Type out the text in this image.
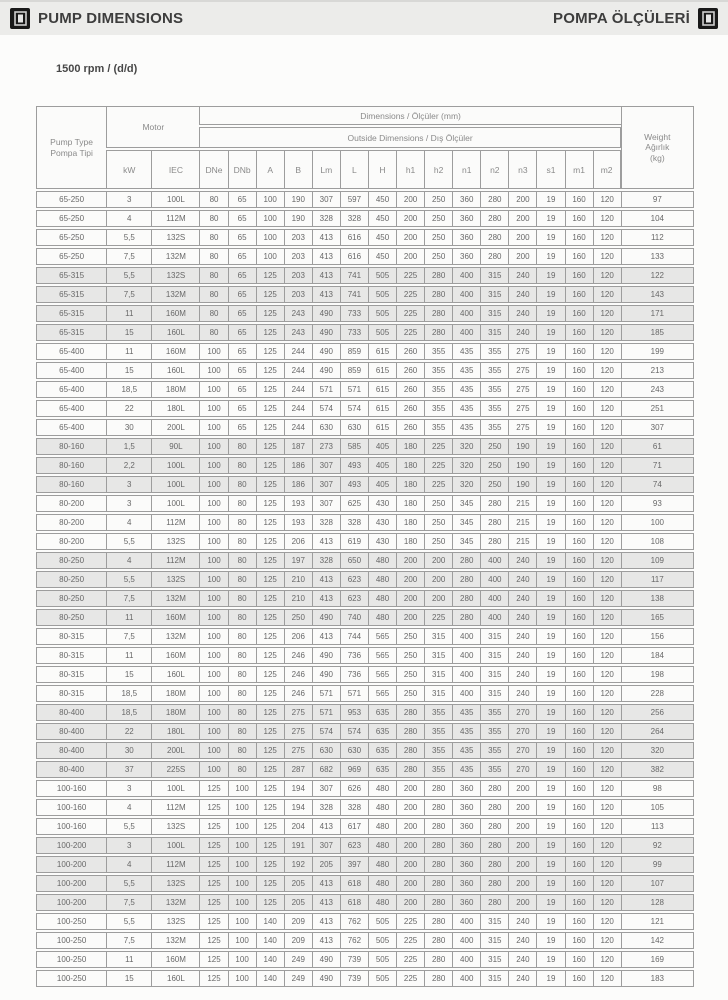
PUMP DIMENSIONS	POMPA ÖLÇÜLERİ
1500 rpm / (d/d)
Pump Type
Pompa Tipi	Motor		Dimensions / Ölçüler (mm)															Weight
Ağırlık
(kg)

			Outside Dimensions / Dış Ölçüler															
	kW	IEC	DNe	DNb	A	B	Lm	L	H	h1	h2	n1	n2	n3	s1	m1	m2	
65-250	3	100L	80	65	100	190	307	597	450	200	250	360	280	200	19	160	120	97
65-250	4	112M	80	65	100	190	328	328	450	200	250	360	280	200	19	160	120	104
65-250	5,5	132S	80	65	100	203	413	616	450	200	250	360	280	200	19	160	120	112
65-250	7,5	132M	80	65	100	203	413	616	450	200	250	360	280	200	19	160	120	133
65-315	5,5	132S	80	65	125	203	413	741	505	225	280	400	315	240	19	160	120	122
65-315	7,5	132M	80	65	125	203	413	741	505	225	280	400	315	240	19	160	120	143
65-315	11	160M	80	65	125	243	490	733	505	225	280	400	315	240	19	160	120	171
65-315	15	160L	80	65	125	243	490	733	505	225	280	400	315	240	19	160	120	185
65-400	11	160M	100	65	125	244	490	859	615	260	355	435	355	275	19	160	120	199
65-400	15	160L	100	65	125	244	490	859	615	260	355	435	355	275	19	160	120	213
65-400	18,5	180M	100	65	125	244	571	571	615	260	355	435	355	275	19	160	120	243
65-400	22	180L	100	65	125	244	574	574	615	260	355	435	355	275	19	160	120	251
65-400	30	200L	100	65	125	244	630	630	615	260	355	435	355	275	19	160	120	307
80-160	1,5	90L	100	80	125	187	273	585	405	180	225	320	250	190	19	160	120	61
80-160	2,2	100L	100	80	125	186	307	493	405	180	225	320	250	190	19	160	120	71
80-160	3	100L	100	80	125	186	307	493	405	180	225	320	250	190	19	160	120	74
80-200	3	100L	100	80	125	193	307	625	430	180	250	345	280	215	19	160	120	93
80-200	4	112M	100	80	125	193	328	328	430	180	250	345	280	215	19	160	120	100
80-200	5,5	132S	100	80	125	206	413	619	430	180	250	345	280	215	19	160	120	108
80-250	4	112M	100	80	125	197	328	650	480	200	200	280	400	240	19	160	120	109
80-250	5,5	132S	100	80	125	210	413	623	480	200	200	280	400	240	19	160	120	117
80-250	7,5	132M	100	80	125	210	413	623	480	200	200	280	400	240	19	160	120	138
80-250	11	160M	100	80	125	250	490	740	480	200	225	280	400	240	19	160	120	165
80-315	7,5	132M	100	80	125	206	413	744	565	250	315	400	315	240	19	160	120	156
80-315	11	160M	100	80	125	246	490	736	565	250	315	400	315	240	19	160	120	184
80-315	15	160L	100	80	125	246	490	736	565	250	315	400	315	240	19	160	120	198
80-315	18,5	180M	100	80	125	246	571	571	565	250	315	400	315	240	19	160	120	228
80-400	18,5	180M	100	80	125	275	571	953	635	280	355	435	355	270	19	160	120	256
80-400	22	180L	100	80	125	275	574	574	635	280	355	435	355	270	19	160	120	264
80-400	30	200L	100	80	125	275	630	630	635	280	355	435	355	270	19	160	120	320
80-400	37	225S	100	80	125	287	682	969	635	280	355	435	355	270	19	160	120	382
100-160	3	100L	125	100	125	194	307	626	480	200	280	360	280	200	19	160	120	98
100-160	4	112M	125	100	125	194	328	328	480	200	280	360	280	200	19	160	120	105
100-160	5,5	132S	125	100	125	204	413	617	480	200	280	360	280	200	19	160	120	113
100-200	3	100L	125	100	125	191	307	623	480	200	280	360	280	200	19	160	120	92
100-200	4	112M	125	100	125	192	205	397	480	200	280	360	280	200	19	160	120	99
100-200	5,5	132S	125	100	125	205	413	618	480	200	280	360	280	200	19	160	120	107
100-200	7,5	132M	125	100	125	205	413	618	480	200	280	360	280	200	19	160	120	128
100-250	5,5	132S	125	100	140	209	413	762	505	225	280	400	315	240	19	160	120	121
100-250	7,5	132M	125	100	140	209	413	762	505	225	280	400	315	240	19	160	120	142
100-250	11	160M	125	100	140	249	490	739	505	225	280	400	315	240	19	160	120	169
100-250	15	160L	125	100	140	249	490	739	505	225	280	400	315	240	19	160	120	183
